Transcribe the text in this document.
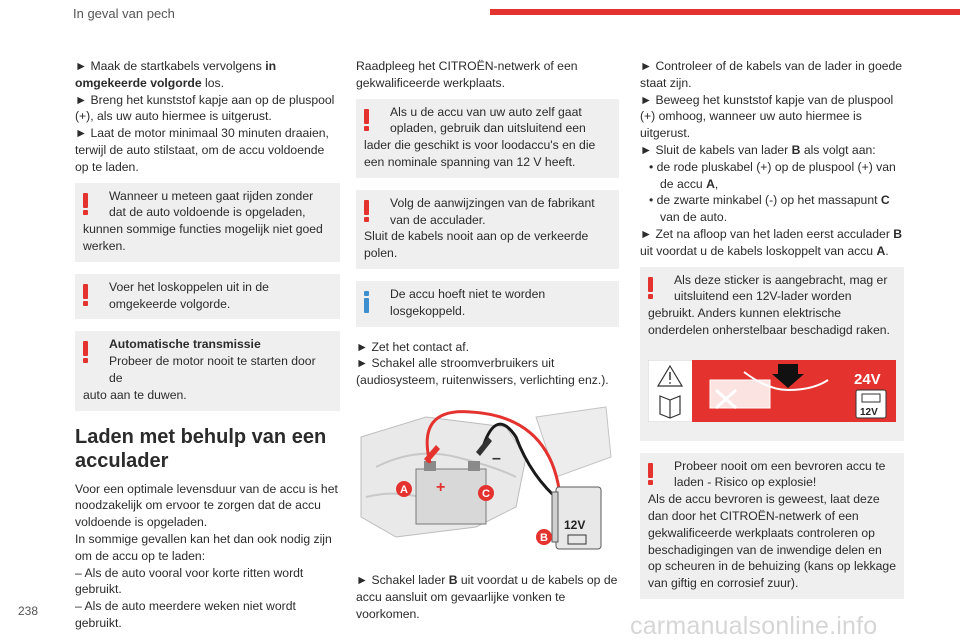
In geval van pech

► Maak de startkabels vervolgens in omgekeerde volgorde los.

► Breng het kunststof kapje aan op de pluspool (+), als uw auto hiermee is uitgerust.

► Laat de motor minimaal 30 minuten draaien, terwijl de auto stilstaat, om de accu voldoende op te laden.

Wanneer u meteen gaat rijden zonder dat de auto voldoende is opgeladen,
kunnen sommige functies mogelijk niet goed werken.
Voer het loskoppelen uit in de omgekeerde volgorde.
Automatische transmissie
Probeer de motor nooit te starten door de
auto aan te duwen.
Laden met behulp van een acculader

Voor een optimale levensduur van de accu is het noodzakelijk om ervoor te zorgen dat de accu voldoende is opgeladen.

In sommige gevallen kan het dan ook nodig zijn om de accu op te laden:

– Als de auto vooral voor korte ritten wordt gebruikt.

– Als de auto meerdere weken niet wordt gebruikt.

Raadpleeg het CITROËN-netwerk of een gekwalificeerde werkplaats.

Als u de accu van uw auto zelf gaat opladen, gebruik dan uitsluitend een
lader die geschikt is voor loodaccu's en die een nominale spanning van 12 V heeft.
Volg de aanwijzingen van de fabrikant van de acculader.
Sluit de kabels nooit aan op de verkeerde polen.
De accu hoeft niet te worden losgekoppeld.

► Zet het contact af.

► Schakel alle stroomverbruikers uit (audiosysteem, ruitenwissers, verlichting enz.).

+
–
12V
A	C
B

► Schakel lader B uit voordat u de kabels op de accu aansluit om gevaarlijke vonken te voorkomen.

► Controleer of de kabels van de lader in goede staat zijn.

► Beweeg het kunststof kapje van de pluspool (+) omhoog, wanneer uw auto hiermee is uitgerust.

► Sluit de kabels van lader B als volgt aan:

• de rode pluskabel (+) op de pluspool (+) van de accu A,

• de zwarte minkabel (-) op het massapunt C van de auto.

► Zet na afloop van het laden eerst acculader B uit voordat u de kabels loskoppelt van accu A.

Als deze sticker is aangebracht, mag er uitsluitend een 12V-lader worden
gebruikt. Anders kunnen elektrische onderdelen onherstelbaar beschadigd raken.
24V
12V
Probeer nooit om een bevroren accu te laden - Risico op explosie!
Als de accu bevroren is geweest, laat deze dan door het CITROËN-netwerk of een gekwalificeerde werkplaats controleren op beschadigingen van de inwendige delen en op scheuren in de behuizing (kans op lekkage van giftig en corrosief zuur).
238
carmanualsonline.info
